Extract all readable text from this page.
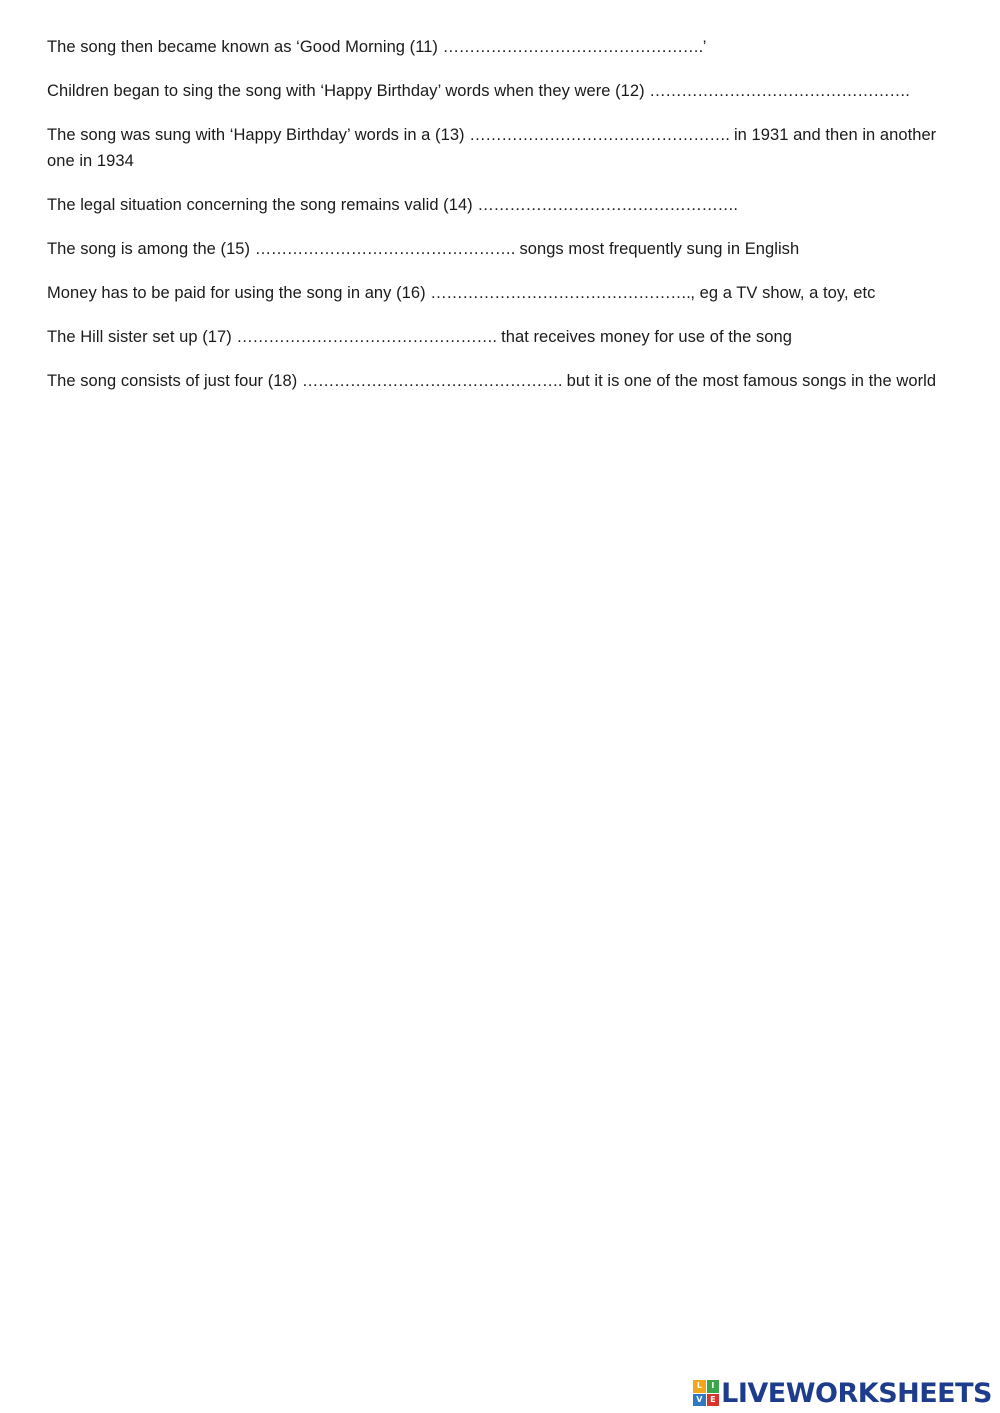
The song then became known as ‘Good Morning (11) ………………………………………….’

Children began to sing the song with ‘Happy Birthday’ words when they were (12) ………………………………………….

The song was sung with ‘Happy Birthday’ words in a (13) …………………………………………. in 1931 and then in another one in 1934

The legal situation concerning the song remains valid (14) ………………………………………….

The song is among the (15) …………………………………………. songs most frequently sung in English

Money has to be paid for using the song in any (16) …………………………………………., eg a TV show, a toy, etc

The Hill sister set up (17) …………………………………………. that receives money for use of the song

The song consists of just four (18) …………………………………………. but it is one of the most famous songs in the world

L	I
V E LIVEWORKSHEETS
